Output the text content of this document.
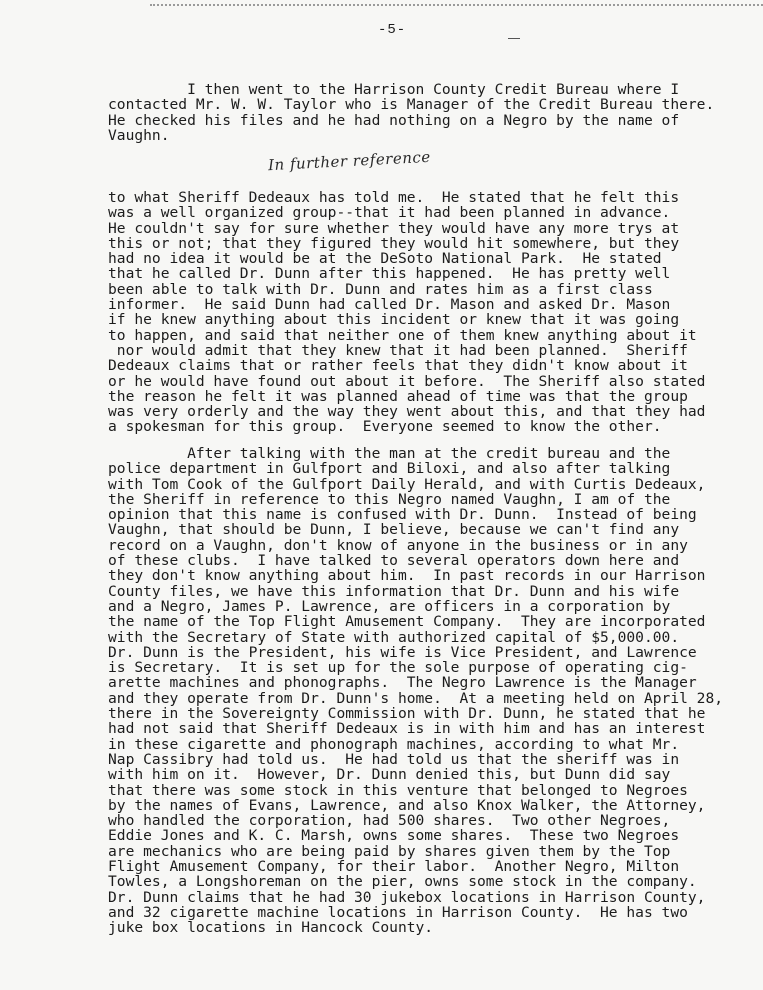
-5-
I then went to the Harrison County Credit Bureau where I
contacted Mr. W. W. Taylor who is Manager of the Credit Bureau there.
He checked his files and he had nothing on a Negro by the name of
Vaughn.
In further reference
to what Sheriff Dedeaux has told me.  He stated that he felt this
was a well organized group--that it had been planned in advance.
He couldn't say for sure whether they would have any more trys at
this or not; that they figured they would hit somewhere, but they
had no idea it would be at the DeSoto National Park.  He stated
that he called Dr. Dunn after this happened.  He has pretty well
been able to talk with Dr. Dunn and rates him as a first class
informer.  He said Dunn had called Dr. Mason and asked Dr. Mason
if he knew anything about this incident or knew that it was going
to happen, and said that neither one of them knew anything about it
nor would admit that they knew that it had been planned.  Sheriff
Dedeaux claims that or rather feels that they didn't know about it
or he would have found out about it before.  The Sheriff also stated
the reason he felt it was planned ahead of time was that the group
was very orderly and the way they went about this, and that they had
a spokesman for this group.  Everyone seemed to know the other.
After talking with the man at the credit bureau and the
police department in Gulfport and Biloxi, and also after talking
with Tom Cook of the Gulfport Daily Herald, and with Curtis Dedeaux,
the Sheriff in reference to this Negro named Vaughn, I am of the
opinion that this name is confused with Dr. Dunn.  Instead of being
Vaughn, that should be Dunn, I believe, because we can't find any
record on a Vaughn, don't know of anyone in the business or in any
of these clubs.  I have talked to several operators down here and
they don't know anything about him.  In past records in our Harrison
County files, we have this information that Dr. Dunn and his wife
and a Negro, James P. Lawrence, are officers in a corporation by
the name of the Top Flight Amusement Company.  They are incorporated
with the Secretary of State with authorized capital of $5,000.00.
Dr. Dunn is the President, his wife is Vice President, and Lawrence
is Secretary.  It is set up for the sole purpose of operating cig-
arette machines and phonographs.  The Negro Lawrence is the Manager
and they operate from Dr. Dunn's home.  At a meeting held on April 28,
there in the Sovereignty Commission with Dr. Dunn, he stated that he
had not said that Sheriff Dedeaux is in with him and has an interest
in these cigarette and phonograph machines, according to what Mr.
Nap Cassibry had told us.  He had told us that the sheriff was in
with him on it.  However, Dr. Dunn denied this, but Dunn did say
that there was some stock in this venture that belonged to Negroes
by the names of Evans, Lawrence, and also Knox Walker, the Attorney,
who handled the corporation, had 500 shares.  Two other Negroes,
Eddie Jones and K. C. Marsh, owns some shares.  These two Negroes
are mechanics who are being paid by shares given them by the Top
Flight Amusement Company, for their labor.  Another Negro, Milton
Towles, a Longshoreman on the pier, owns some stock in the company.
Dr. Dunn claims that he had 30 jukebox locations in Harrison County,
and 32 cigarette machine locations in Harrison County.  He has two
juke box locations in Hancock County.
